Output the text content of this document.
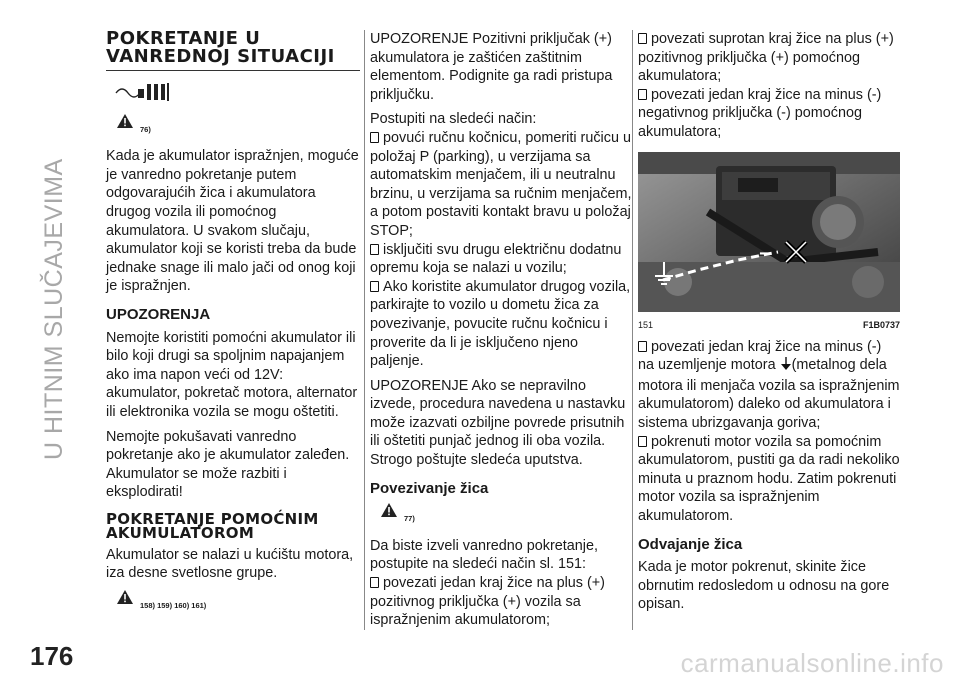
U HITNIM SLUČAJEVIMA
176	carmanualsonline.info
POKRETANJE U VANREDNOJ SITUACIJI
76)

Kada je akumulator ispražnjen, moguće je vanredno pokretanje putem odgovarajućih žica i akumulatora drugog vozila ili pomoćnog akumulatora. U svakom slučaju, akumulator koji se koristi treba da bude jednake snage ili malo jači od onog koji je ispražnjen.

UPOZORENJA

Nemojte koristiti pomoćni akumulator ili bilo koji drugi sa spoljnim napajanjem ako ima napon veći od 12V: akumulator, pokretač motora, alternator ili elektronika vozila se mogu oštetiti.

Nemojte pokušavati vanredno pokretanje ako je akumulator zaleđen. Akumulator se može razbiti i eksplodirati!

POKRETANJE POMOĆNIM AKUMULATOROM

Akumulator se nalazi u kućištu motora, iza desne svetlosne grupe.

158) 159) 160) 161)

UPOZORENJE Pozitivni priključak (+) akumulatora je zaštićen zaštitnim elementom. Podignite ga radi pristupa priključku.

Postupiti na sledeći način:

povući ručnu kočnicu, pomeriti ručicu u položaj P (parking), u verzijama sa automatskim menjačem, ili u neutralnu brzinu, u verzijama sa ručnim menjačem, a potom postaviti kontakt bravu u položaj STOP;
isključiti svu drugu električnu dodatnu opremu koja se nalazi u vozilu;
Ako koristite akumulator drugog vozila, parkirajte to vozilo u dometu žica za povezivanje, povucite ručnu kočnicu i proverite da li je isključeno njeno paljenje.

UPOZORENJE Ako se nepravilno izvede, procedura navedena u nastavku može izazvati ozbiljne povrede prisutnih ili oštetiti punjač jednog ili oba vozila. Strogo poštujte sledeća uputstva.

Povezivanje žica
77)

Da biste izveli vanredno pokretanje, postupite na sledeći način sl. 151:

povezati jedan kraj žice na plus (+) pozitivnog priključka (+) vozila sa ispražnjenim akumulatorom;
povezati suprotan kraj žice na plus (+) pozitivnog priključka (+) pomoćnog akumulatora;
povezati jedan kraj žice na minus (-) negativnog priključka (-) pomoćnog akumulatora;
−
151	F1B0737
povezati jedan kraj žice na minus (-) na uzemljenje motora (metalnog dela motora ili menjača vozila sa ispražnjenim akumulatorom) daleko od akumulatora i sistema ubrizgavanja goriva;
pokrenuti motor vozila sa pomoćnim akumulatorom, pustiti ga da radi nekoliko minuta u praznom hodu. Zatim pokrenuti motor vozila sa ispražnjenim akumulatorom.
Odvajanje žica

Kada je motor pokrenut, skinite žice obrnutim redosledom u odnosu na gore opisan.
